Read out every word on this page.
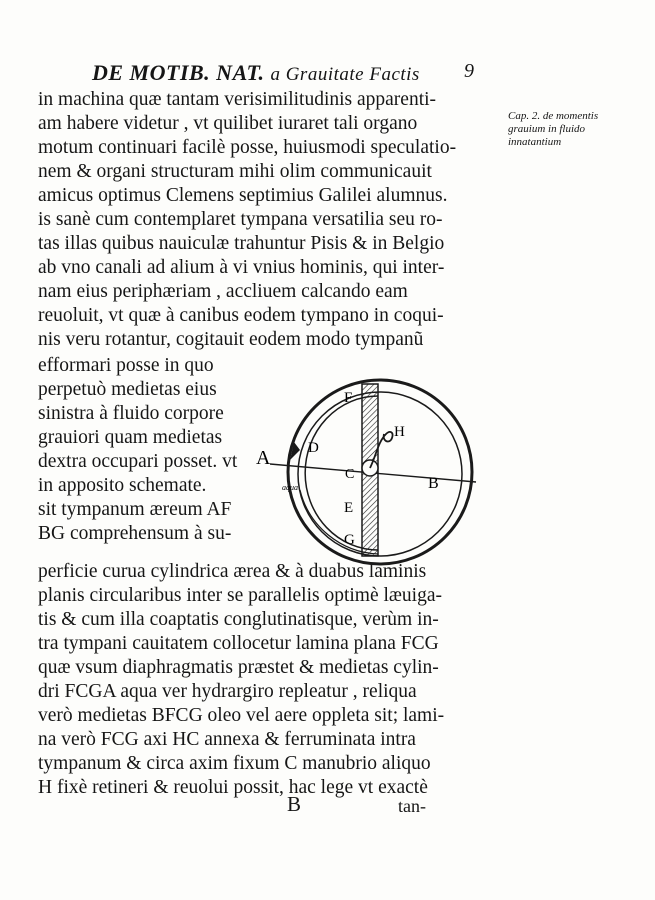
DE MOTIB. NAT. a Grauitate Factis 9
Cap. 2. de momentis grauium in fluido innatantium
in machina quæ tantam verisimilitudinis apparenti-
am habere videtur , vt quilibet iuraret tali organo
motum continuari facilè posse, huiusmodi speculatio-
nem & organi structuram mihi olim communicauit
amicus optimus Clemens septimius Galilei alumnus.
is sanè cum contemplaret tympana versatilia seu ro-
tas illas quibus nauiculæ trahuntur Pisis & in Belgio
ab vno canali ad alium à vi vnius hominis, qui inter-
nam eius periphæriam , accliuem calcando eam
reuoluit, vt quæ à canibus eodem tympano in coqui-
nis veru rotantur, cogitauit eodem modo tympanũ
efformari posse in quo
perpetuò medietas eius
sinistra à fluido corpore
grauiori quam medietas
dextra occupari posset. vt
in apposito schemate.
sit tympanum æreum AF
BG comprehensum à su-
perficie curua cylindrica ærea & à duabus laminis
planis circularibus inter se parallelis optimè læuiga-
tis & cum illa coaptatis conglutinatisque, verùm in-
tra tympani cauitatem collocetur lamina plana FCG
quæ vsum diaphragmatis præstet & medietas cylin-
dri FCGA aqua ver hydrargiro repleatur , reliqua
verò medietas BFCG oleo vel aere oppleta sit; lami-
na verò FCG axi HC annexa & ferruminata intra
tympanum & circa axim fixum C manubrio aliquo
H fixè retineri & reuolui possit, hac lege vt exactè
A
B
C
D
E
F
G
H
aqua
B	tan-
